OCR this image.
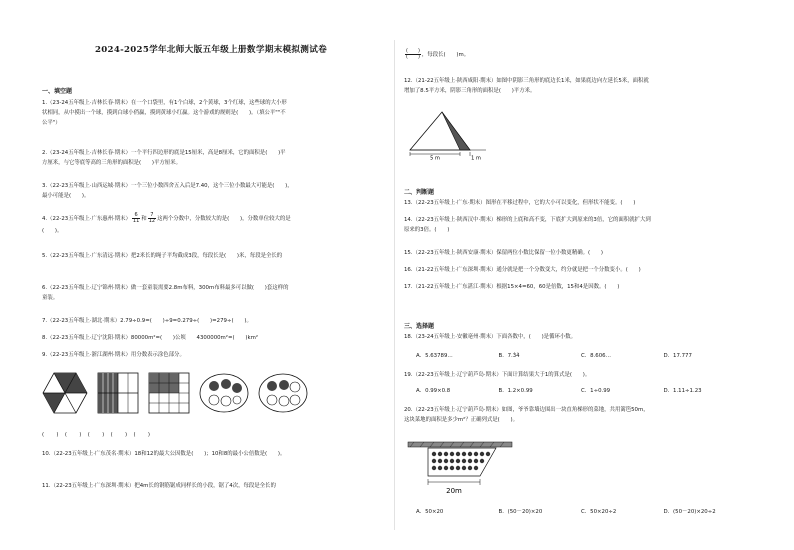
2024-2025学年北师大版五年级上册数学期末模拟测试卷

一、填空题

1.（23-24五年级上·吉林长春·期末）在一个口袋里，有1个白球，2个黄球，3个红球，这些球的大小形

状相同，从中摸出一个球，摸到白球小俏赢，摸到黄球小红赢。这个游戏的规则是(　　)。（填公平""不

公平"）

2.（23-24五年级上·吉林长春·期末）一个平行四边形的底是15厘米，高是8厘米，它的面积是(　　)平

方厘米，与它等底等高的三角形的面积是(　　)平方厘米。

3.（22-23五年级上·山西运城·期末）一个三位小数四舍五入后是7.40，这个三位小数最大可能是(　　)，

最小可能是(　　)。

4.（22-23五年级上·广东惠州·期末） $\frac{6}{11}$ 和 $\frac{7}{12}$ 这两个分数中，分数较大的是(　　)，分数单位较大的是

(　　)。

5.（22-23五年级上·广东清远·期末）把2米长的绳子平均截成3段，每段长是(　　)米，每段是全长的

6.（22-23五年级上·辽宁锦州·期末）做一套童装需要2.8m布料，300m布料最多可以做(　　)套这样的

童装。

7.（22-23五年级上·湖北·期末）2.79÷0.9=(　　)÷9=0.279÷(　　)=279÷(　　)。

8.（22-23五年级上·辽宁沈阳·期末）80000m²=(　　)公顷　　4300000m²=(　　)km²

9.（22-23五年级上·浙江湖州·期末）用分数表示涂色部分。

(　　)　(　　)　(　　)　(　　)　(　　)

10.（22-23五年级上·广东茂名·期末）18和12的最大公因数是(　　)；10和8的最小公倍数是(　　)。

11.（22-23五年级上·广东深圳·期末）把4m长的钢筋锯成同样长的小段，锯了4次，每段是全长的

$\frac{( )}{( )}$ ，每段长(　　)m。

12.（21-22五年级上·陕西咸阳·期末）如图中阴影三角形的底边长1米，如果底边向左延长5米，面积就

增加了8.5平方米，阴影三角形的面积是(　　)平方米。

5 m	1 m

二、判断题

13.（22-23五年级上·广东·期末）图形在平移过程中，它的大小可以变化，但形状不能变。(　　)

14.（22-23五年级上·陕西汉中·期末）梯形的上底和高不变，下底扩大到原来的3倍，它的面积就扩大到

原来的3倍。(　　)

15.（22-23五年级上·陕西安康·期末）保留两位小数比保留一位小数更精确。(　　)

16.（21-22五年级上·广东深圳·期末）通分就是把一个分数变大，约分就是把一个分数变小。(　　)

17.（21-22五年级上·广东湛江·期末）根据15×4=60，60是倍数，15和4是因数。(　　)

三、选择题

18.（23-24五年级上·安徽亳州·期末）下面各数中，(　　)是循环小数。

A．5.63789…	B．7.3̇4̇	C．8.606…	D．17.777

19.（22-23五年级上·辽宁葫芦岛·期末）下面计算结果大于1的算式是(　　)。

A．0.99×0.8	B．1.2×0.99	C．1÷0.99	D．1.11÷1.23

20.（22-23五年级上·辽宁葫芦岛·期末）如图，爷爷靠墙边围出一块直角梯形的菜地，共用篱笆50m，

这块菜地的面积是多少m²？正确列式是(　　)。

20m
A．50×20	B．(50－20)×20	C．50×20÷2	D．(50－20)×20÷2
